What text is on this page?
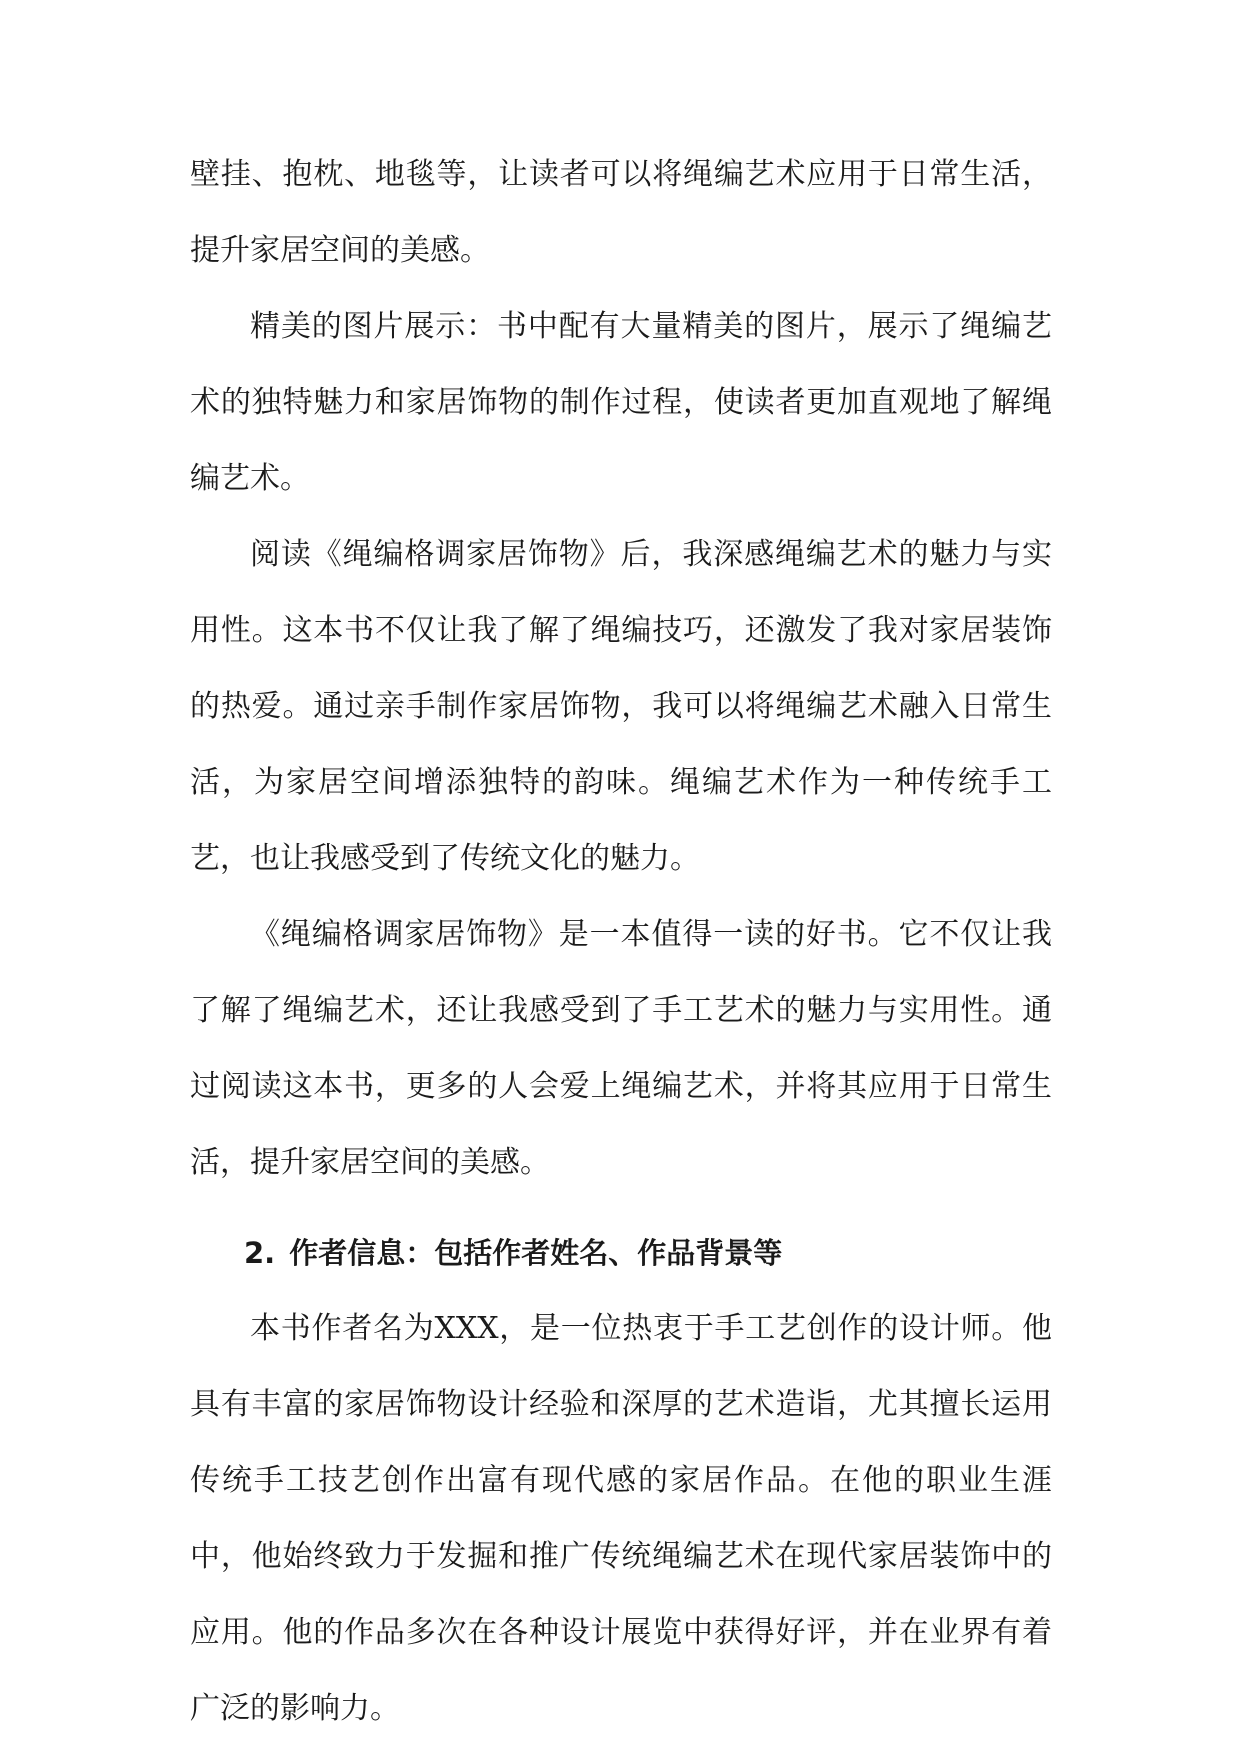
壁挂、抱枕、地毯等，让读者可以将绳编艺术应用于日常生活，提升家居空间的美感。

精美的图片展示：书中配有大量精美的图片，展示了绳编艺术的独特魅力和家居饰物的制作过程，使读者更加直观地了解绳编艺术。

阅读《绳编格调家居饰物》后，我深感绳编艺术的魅力与实用性。这本书不仅让我了解了绳编技巧，还激发了我对家居装饰的热爱。通过亲手制作家居饰物，我可以将绳编艺术融入日常生活，为家居空间增添独特的韵味。绳编艺术作为一种传统手工艺，也让我感受到了传统文化的魅力。

《绳编格调家居饰物》是一本值得一读的好书。它不仅让我了解了绳编艺术，还让我感受到了手工艺术的魅力与实用性。通过阅读这本书，更多的人会爱上绳编艺术，并将其应用于日常生活，提升家居空间的美感。

2. 作者信息：包括作者姓名、作品背景等

本书作者名为XXX，是一位热衷于手工艺创作的设计师。他具有丰富的家居饰物设计经验和深厚的艺术造诣，尤其擅长运用传统手工技艺创作出富有现代感的家居作品。在他的职业生涯中，他始终致力于发掘和推广传统绳编艺术在现代家居装饰中的应用。他的作品多次在各种设计展览中获得好评，并在业界有着广泛的影响力。
